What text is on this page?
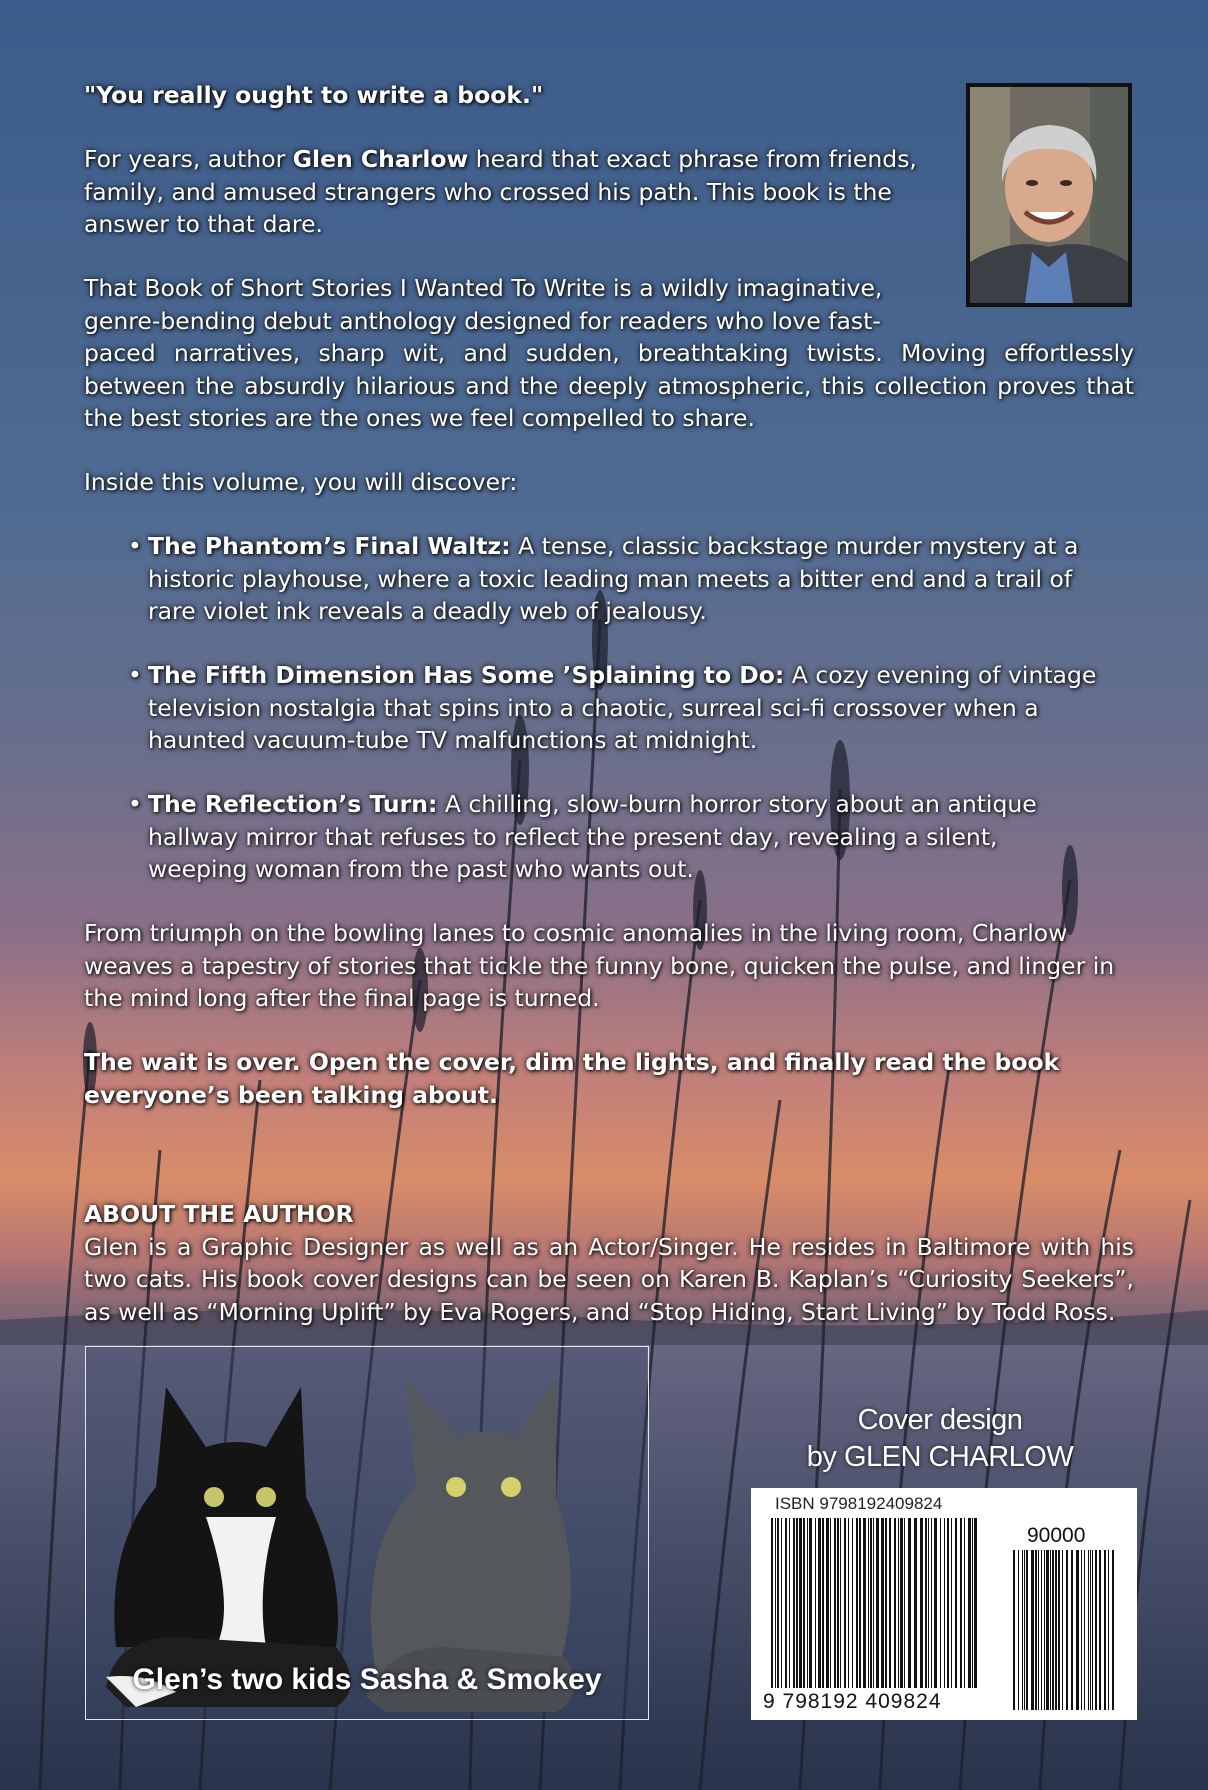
"You really ought to write a book."

For years, author Glen Charlow heard that exact phrase from friends, family, and amused strangers who crossed his path. This book is the answer to that dare.

That Book of Short Stories I Wanted To Write is a wildly imaginative,

genre-bending debut anthology designed for readers who love fast-

paced narratives, sharp wit, and sudden, breathtaking twists. Moving effortlessly between the absurdly hilarious and the deeply atmospheric, this collection proves that the best stories are the ones we feel compelled to share.

Inside this volume, you will discover:

• The Phantom’s Final Waltz: A tense, classic backstage murder mystery at a historic playhouse, where a toxic leading man meets a bitter end and a trail of rare violet ink reveals a deadly web of jealousy.
• The Fifth Dimension Has Some ’Splaining to Do: A cozy evening of vintage television nostalgia that spins into a chaotic, surreal sci-fi crossover when a haunted vacuum-tube TV malfunctions at midnight.
• The Reflection’s Turn: A chilling, slow-burn horror story about an antique hallway mirror that refuses to reflect the present day, revealing a silent, weeping woman from the past who wants out.

From triumph on the bowling lanes to cosmic anomalies in the living room, Charlow weaves a tapestry of stories that tickle the funny bone, quicken the pulse, and linger in the mind long after the final page is turned.

The wait is over. Open the cover, dim the lights, and finally read the book everyone’s been talking about.

ABOUT THE AUTHOR

Glen is a Graphic Designer as well as an Actor/Singer. He resides in Baltimore with his two cats. His book cover designs can be seen on Karen B. Kaplan’s “Curiosity Seekers”, as well as “Morning Uplift” by Eva Rogers, and “Stop Hiding, Start Living” by Todd Ross.

Glen’s two kids Sasha & Smokey
Cover design
by GLEN CHARLOW
ISBN 9798192409824
90000
9 798192 409824
